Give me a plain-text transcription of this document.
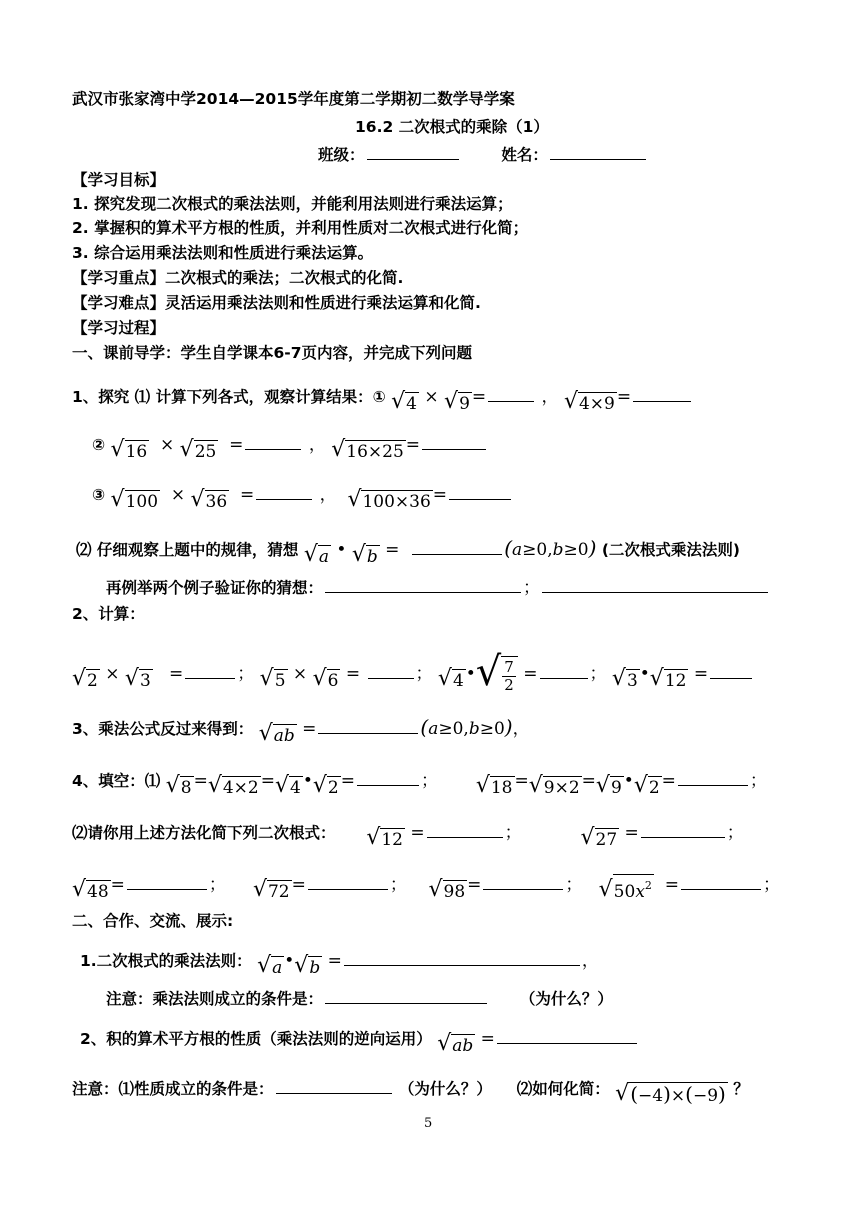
武汉市张家湾中学2014—2015学年度第二学期初二数学导学案
16.2 二次根式的乘除（1）
班级：	姓名：
【学习目标】
1. 探究发现二次根式的乘法法则，并能利用法则进行乘法运算；
2. 掌握积的算术平方根的性质，并利用性质对二次根式进行化简；
3. 综合运用乘法法则和性质进行乘法运算。
【学习重点】二次根式的乘法；二次根式的化简.
【学习难点】灵活运用乘法法则和性质进行乘法运算和化简.
【学习过程】
一、课前导学：学生自学课本6-7页内容，并完成下列问题
1、探究 ⑴ 计算下列各式，观察计算结果：① √ 4 × √ 9 =	， √ 4×9 =
② √ 16 × √ 25 =	， √ 16×25 =
③ √ 100 × √ 36 =	， √ 100×36 =
⑵ 仔细观察上题中的规律，猜想 √ a • √ b =	(a≥0,b≥0) (二次根式乘法法则)
再例举两个例子验证你的猜想：	；
2、计算：
√ 2 × √ 3 =	； √ 5 × √ 6 =	； √ 4 • √ $\frac{7}{2}$ =	； √ 3 • √ 12 =
3、乘法公式反过来得到： √ ab =	(a≥0,b≥0)，
4、填空：⑴ √ 8 = √ 4×2 = √ 4 • √ 2 =	； √ 18 = √ 9×2 = √ 9 • √ 2 =	；
⑵请你用上述方法化简下列二次根式： √ 12 =	；	√ 27 =	；
√ 48 =	； √ 72 =	； √ 98 =	； √ $50x^2$ =	；
二、合作、交流、展示:
1.二次根式的乘法法则： √ a • √ b =	，
注意：乘法法则成立的条件是：	（为什么？）
2、积的算术平方根的性质（乘法法则的逆向运用） √ ab =
注意：⑴性质成立的条件是：	（为什么？） ⑵如何化简： √ (−4)×(−9) ？
5
